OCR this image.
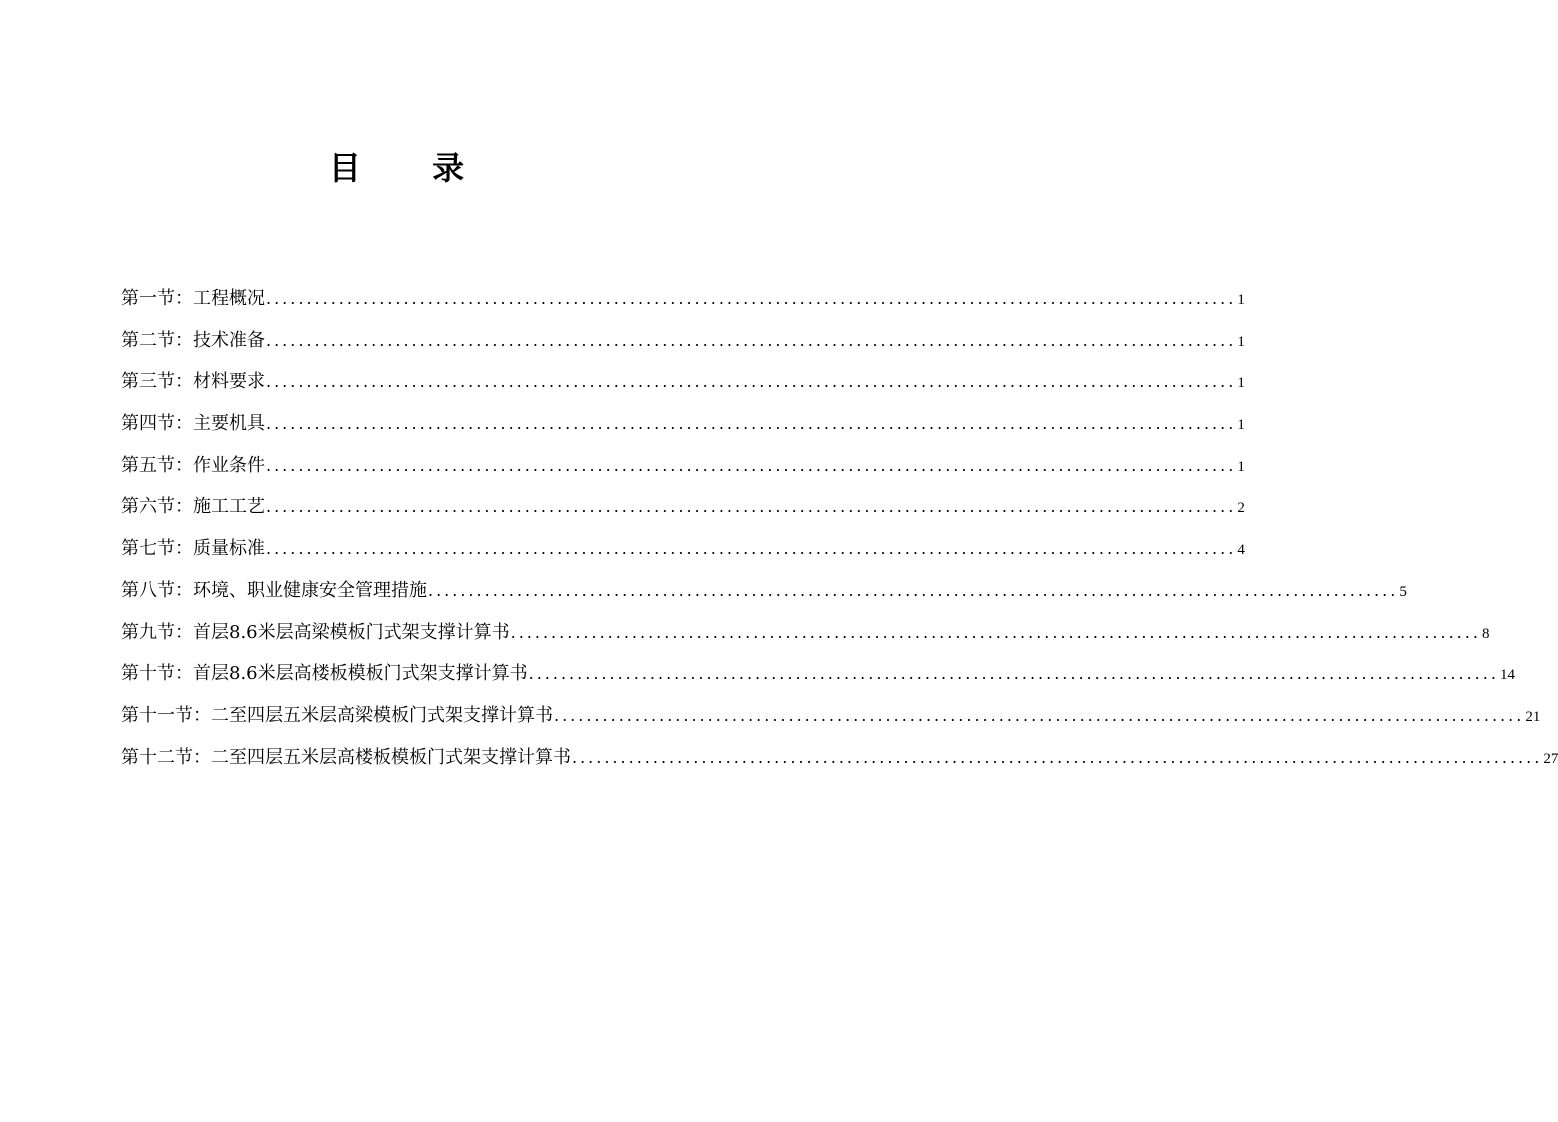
目 录
第一节：工程概况 ........................................................................................................................ 1
第二节：技术准备 ........................................................................................................................ 1
第三节：材料要求 ........................................................................................................................ 1
第四节：主要机具 ........................................................................................................................ 1
第五节：作业条件 ........................................................................................................................ 1
第六节：施工工艺 ........................................................................................................................ 2
第七节：质量标准 ........................................................................................................................ 4
第八节：环境、职业健康安全管理措施 ........................................................................................................................ 5
第九节：首层8.6米层高梁模板门式架支撑计算书 ........................................................................................................................ 8
第十节：首层8.6米层高楼板模板门式架支撑计算书 ........................................................................................................................ 14
第十一节：二至四层五米层高梁模板门式架支撑计算书 ........................................................................................................................ 21
第十二节：二至四层五米层高楼板模板门式架支撑计算书 ........................................................................................................................ 27
